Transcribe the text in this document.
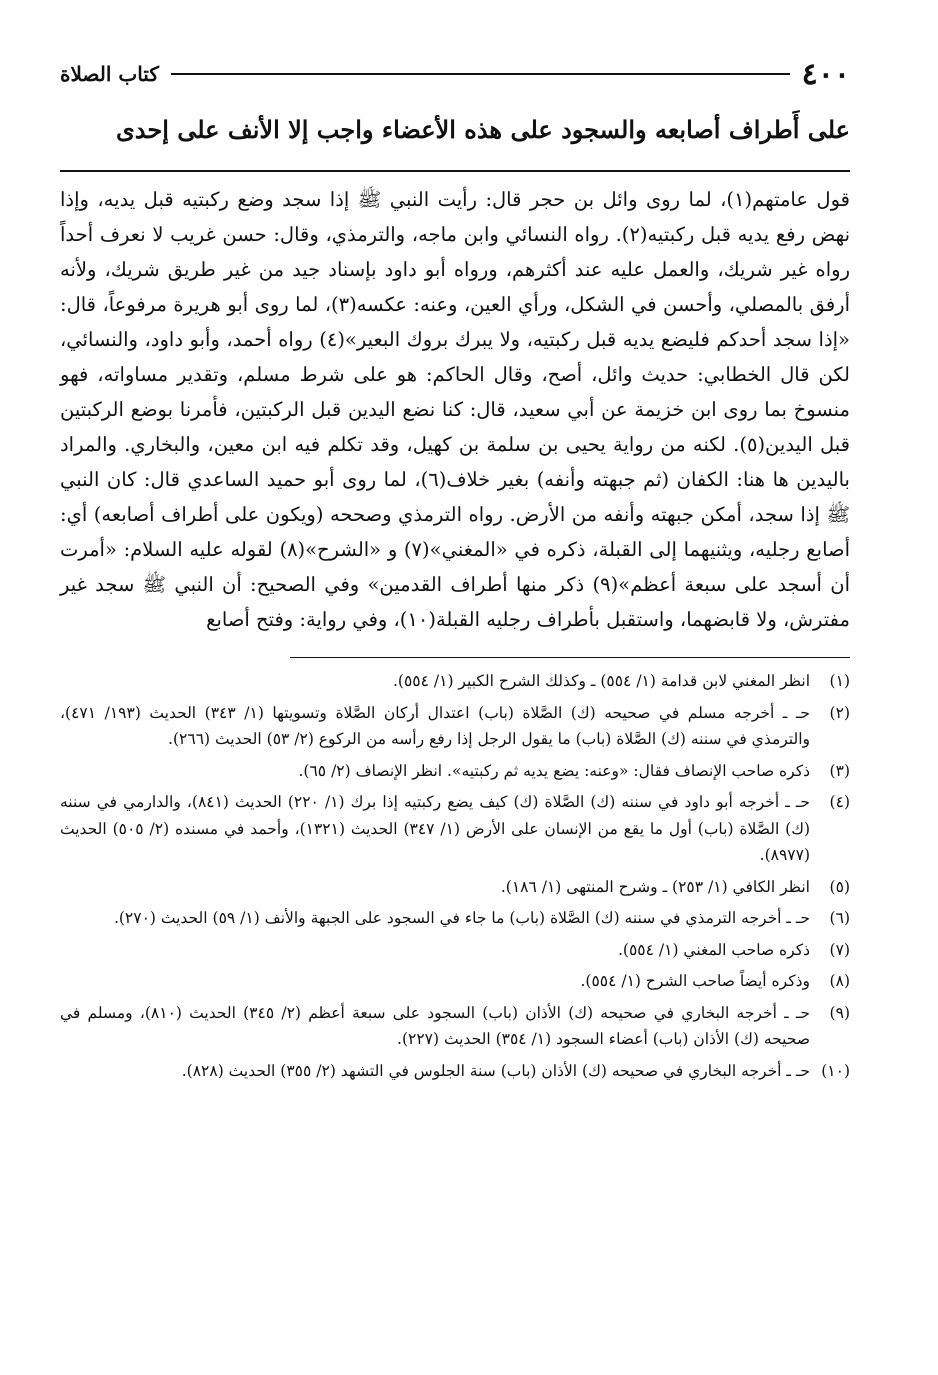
٤٠٠
كتاب الصلاة
على أَطراف أصابعه والسجود على هذه الأعضاء واجب إلا الأنف على إحدى

قول عامتهم(١)، لما روى وائل بن حجر قال: رأيت النبي ﷺ إذا سجد وضع ركبتيه قبل يديه، وإذا نهض رفع يديه قبل ركبتيه(٢). رواه النسائي وابن ماجه، والترمذي، وقال: حسن غريب لا نعرف أحداً رواه غير شريك، والعمل عليه عند أكثرهم، ورواه أبو داود بإسناد جيد من غير طريق شريك، ولأنه أرفق بالمصلي، وأحسن في الشكل، ورأي العين، وعنه: عكسه(٣)، لما روى أبو هريرة مرفوعاً، قال: «إذا سجد أحدكم فليضع يديه قبل ركبتيه، ولا يبرك بروك البعير»(٤) رواه أحمد، وأبو داود، والنسائي، لكن قال الخطابي: حديث وائل، أصح، وقال الحاكم: هو على شرط مسلم، وتقدير مساواته، فهو منسوخ بما روى ابن خزيمة عن أبي سعيد، قال: كنا نضع اليدين قبل الركبتين، فأمرنا بوضع الركبتين قبل اليدين(٥). لكنه من رواية يحيى بن سلمة بن كهيل، وقد تكلم فيه ابن معين، والبخاري. والمراد باليدين ها هنا: الكفان (ثم جبهته وأنفه) بغير خلاف(٦)، لما روى أبو حميد الساعدي قال: كان النبي ﷺ إذا سجد، أمكن جبهته وأنفه من الأرض. رواه الترمذي وصححه (ويكون على أطراف أصابعه) أي: أصابع رجليه، ويثنيهما إلى القبلة، ذكره في «المغني»(٧) و «الشرح»(٨) لقوله عليه السلام: «أمرت أن أسجد على سبعة أعظم»(٩) ذكر منها أطراف القدمين» وفي الصحيح: أن النبي ﷺ سجد غير مفترش، ولا قابضهما، واستقبل بأطراف رجليه القبلة(١٠)، وفي رواية: وفتح أصابع

(١)
انظر المغني لابن قدامة (١/ ٥٥٤) ـ وكذلك الشرح الكبير (١/ ٥٥٤).
(٢)
حـ ـ أخرجه مسلم في صحيحه (ك) الصَّلاة (باب) اعتدال أركان الصَّلاة وتسويتها (١/ ٣٤٣) الحديث (١٩٣/ ٤٧١)، والترمذي في سننه (ك) الصَّلاة (باب) ما يقول الرجل إذا رفع رأسه من الركوع (٢/ ٥٣) الحديث (٢٦٦).
(٣)
ذكره صاحب الإنصاف فقال: «وعنه: يضع يديه ثم ركبتيه». انظر الإنصاف (٢/ ٦٥).
(٤)
حـ ـ أخرجه أبو داود في سننه (ك) الصَّلاة (ك) كيف يضع ركبتيه إذا برك (١/ ٢٢٠) الحديث (٨٤١)، والدارمي في سننه (ك) الصَّلاة (باب) أول ما يقع من الإنسان على الأرض (١/ ٣٤٧) الحديث (١٣٢١)، وأحمد في مسنده (٢/ ٥٠٥) الحديث (٨٩٧٧).
(٥)
انظر الكافي (١/ ٢٥٣) ـ وشرح المنتهى (١/ ١٨٦).
(٦)
حـ ـ أخرجه الترمذي في سننه (ك) الصَّلاة (باب) ما جاء في السجود على الجبهة والأنف (١/ ٥٩) الحديث (٢٧٠).
(٧)
ذكره صاحب المغني (١/ ٥٥٤).
(٨)
وذكره أيضاً صاحب الشرح (١/ ٥٥٤).
(٩)
حـ ـ أخرجه البخاري في صحيحه (ك) الأذان (باب) السجود على سبعة أعظم (٢/ ٣٤٥) الحديث (٨١٠)، ومسلم في صحيحه (ك) الأذان (باب) أعضاء السجود (١/ ٣٥٤) الحديث (٢٢٧).
(١٠)
حـ ـ أخرجه البخاري في صحيحه (ك) الأذان (باب) سنة الجلوس في التشهد (٢/ ٣٥٥) الحديث (٨٢٨).
